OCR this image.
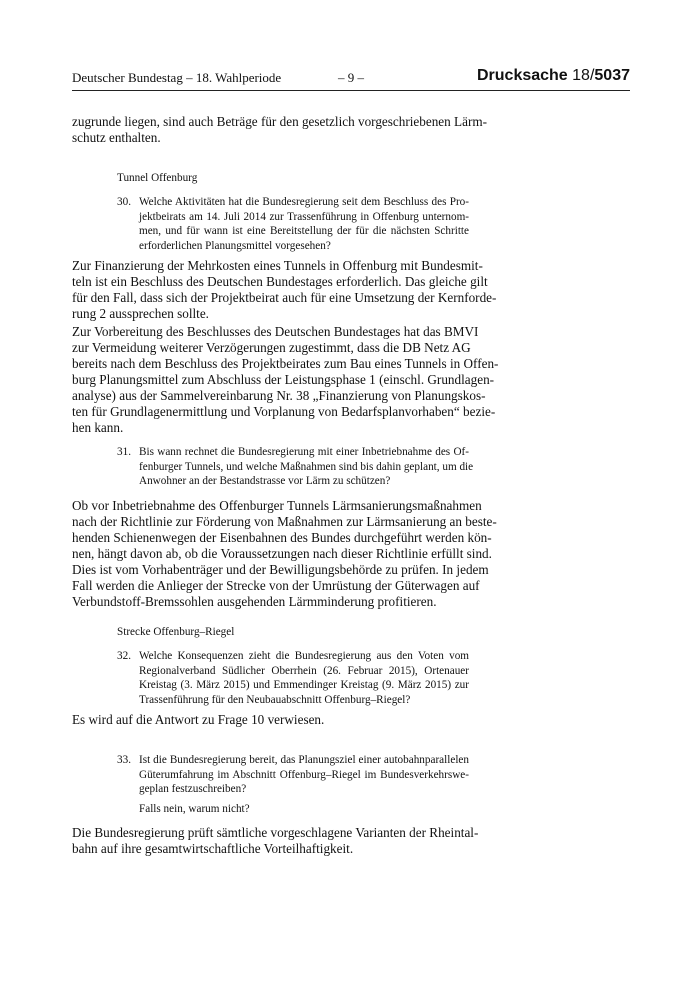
Deutscher Bundestag – 18. Wahlperiode	– 9 –	Drucksache 18/5037
zugrunde liegen, sind auch Beträge für den gesetzlich vorgeschriebenen Lärm-
schutz enthalten.
Tunnel Offenburg
30. Welche Aktivitäten hat die Bundesregierung seit dem Beschluss des Pro-
jektbeirats am 14. Juli 2014 zur Trassenführung in Offenburg unternom-
men, und für wann ist eine Bereitstellung der für die nächsten Schritte
erforderlichen Planungsmittel vorgesehen?
Zur Finanzierung der Mehrkosten eines Tunnels in Offenburg mit Bundesmit-
teln ist ein Beschluss des Deutschen Bundestages erforderlich. Das gleiche gilt
für den Fall, dass sich der Projektbeirat auch für eine Umsetzung der Kernforde-
rung 2 aussprechen sollte.
Zur Vorbereitung des Beschlusses des Deutschen Bundestages hat das BMVI
zur Vermeidung weiterer Verzögerungen zugestimmt, dass die DB Netz AG
bereits nach dem Beschluss des Projektbeirates zum Bau eines Tunnels in Offen-
burg Planungsmittel zum Abschluss der Leistungsphase 1 (einschl. Grundlagen-
analyse) aus der Sammelvereinbarung Nr. 38 „Finanzierung von Planungskos-
ten für Grundlagenermittlung und Vorplanung von Bedarfsplanvorhaben“ bezie-
hen kann.
31. Bis wann rechnet die Bundesregierung mit einer Inbetriebnahme des Of-
fenburger Tunnels, und welche Maßnahmen sind bis dahin geplant, um die
Anwohner an der Bestandstrasse vor Lärm zu schützen?
Ob vor Inbetriebnahme des Offenburger Tunnels Lärmsanierungsmaßnahmen
nach der Richtlinie zur Förderung von Maßnahmen zur Lärmsanierung an beste-
henden Schienenwegen der Eisenbahnen des Bundes durchgeführt werden kön-
nen, hängt davon ab, ob die Voraussetzungen nach dieser Richtlinie erfüllt sind.
Dies ist vom Vorhabenträger und der Bewilligungsbehörde zu prüfen. In jedem
Fall werden die Anlieger der Strecke von der Umrüstung der Güterwagen auf
Verbundstoff-Bremssohlen ausgehenden Lärmminderung profitieren.
Strecke Offenburg–Riegel
32. Welche Konsequenzen zieht die Bundesregierung aus den Voten vom
Regionalverband Südlicher Oberrhein (26. Februar 2015), Ortenauer
Kreistag (3. März 2015) und Emmendinger Kreistag (9. März 2015) zur
Trassenführung für den Neubauabschnitt Offenburg–Riegel?
Es wird auf die Antwort zu Frage 10 verwiesen.
33. Ist die Bundesregierung bereit, das Planungsziel einer autobahnparallelen
Güterumfahrung im Abschnitt Offenburg–Riegel im Bundesverkehrswe-
geplan festzuschreiben?
Falls nein, warum nicht?
Die Bundesregierung prüft sämtliche vorgeschlagene Varianten der Rheintal-
bahn auf ihre gesamtwirtschaftliche Vorteilhaftigkeit.
